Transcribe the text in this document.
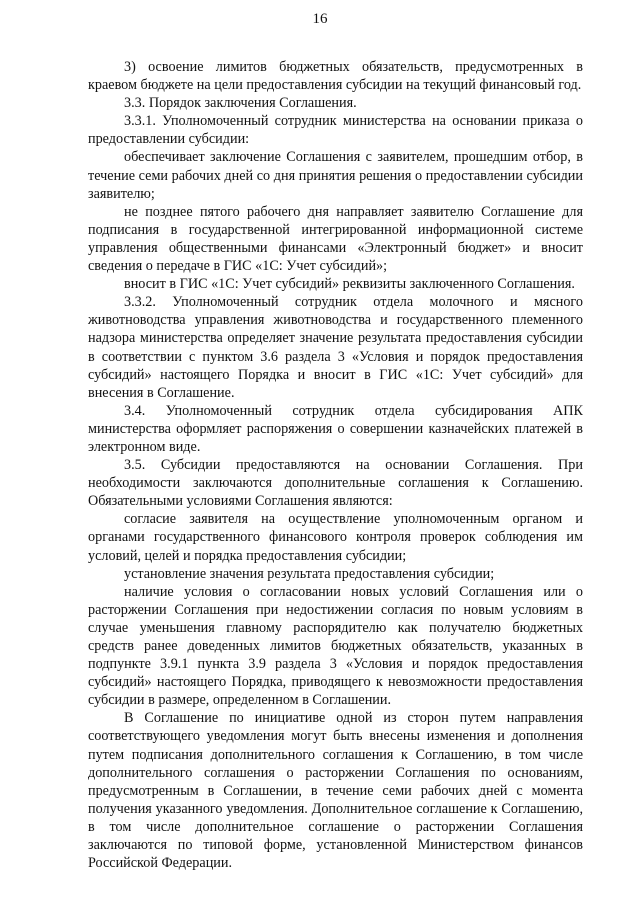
16

3) освоение лимитов бюджетных обязательств, предусмотренных в краевом бюджете на цели предоставления субсидии на текущий финансовый год.

3.3. Порядок заключения Соглашения.

3.3.1. Уполномоченный сотрудник министерства на основании приказа о предоставлении субсидии:

обеспечивает заключение Соглашения с заявителем, прошедшим отбор, в течение семи рабочих дней со дня принятия решения о предоставлении субсидии заявителю;

не позднее пятого рабочего дня направляет заявителю Соглашение для подписания в государственной интегрированной информационной системе управления общественными финансами «Электронный бюджет» и вносит сведения о передаче в ГИС «1С: Учет субсидий»;

вносит в ГИС «1С: Учет субсидий» реквизиты заключенного Соглашения.

3.3.2. Уполномоченный сотрудник отдела молочного и мясного животноводства управления животноводства и государственного племенного надзора министерства определяет значение результата предоставления субсидии в соответствии с пунктом 3.6 раздела 3 «Условия и порядок предоставления субсидий» настоящего Порядка и вносит в ГИС «1С: Учет субсидий» для внесения в Соглашение.

3.4. Уполномоченный сотрудник отдела субсидирования АПК министерства оформляет распоряжения о совершении казначейских платежей в электронном виде.

3.5. Субсидии предоставляются на основании Соглашения. При необходимости заключаются дополнительные соглашения к Соглашению. Обязательными условиями Соглашения являются:

согласие заявителя на осуществление уполномоченным органом и органами государственного финансового контроля проверок соблюдения им условий, целей и порядка предоставления субсидии;

установление значения результата предоставления субсидии;

наличие условия о согласовании новых условий Соглашения или о расторжении Соглашения при недостижении согласия по новым условиям в случае уменьшения главному распорядителю как получателю бюджетных средств ранее доведенных лимитов бюджетных обязательств, указанных в подпункте 3.9.1 пункта 3.9 раздела 3 «Условия и порядок предоставления субсидий» настоящего Порядка, приводящего к невозможности предоставления субсидии в размере, определенном в Соглашении.

В Соглашение по инициативе одной из сторон путем направления соответствующего уведомления могут быть внесены изменения и дополнения путем подписания дополнительного соглашения к Соглашению, в том числе дополнительного соглашения о расторжении Соглашения по основаниям, предусмотренным в Соглашении, в течение семи рабочих дней с момента получения указанного уведомления. Дополнительное соглашение к Соглашению, в том числе дополнительное соглашение о расторжении Соглашения заключаются по типовой форме, установленной Министерством финансов Российской Федерации.
